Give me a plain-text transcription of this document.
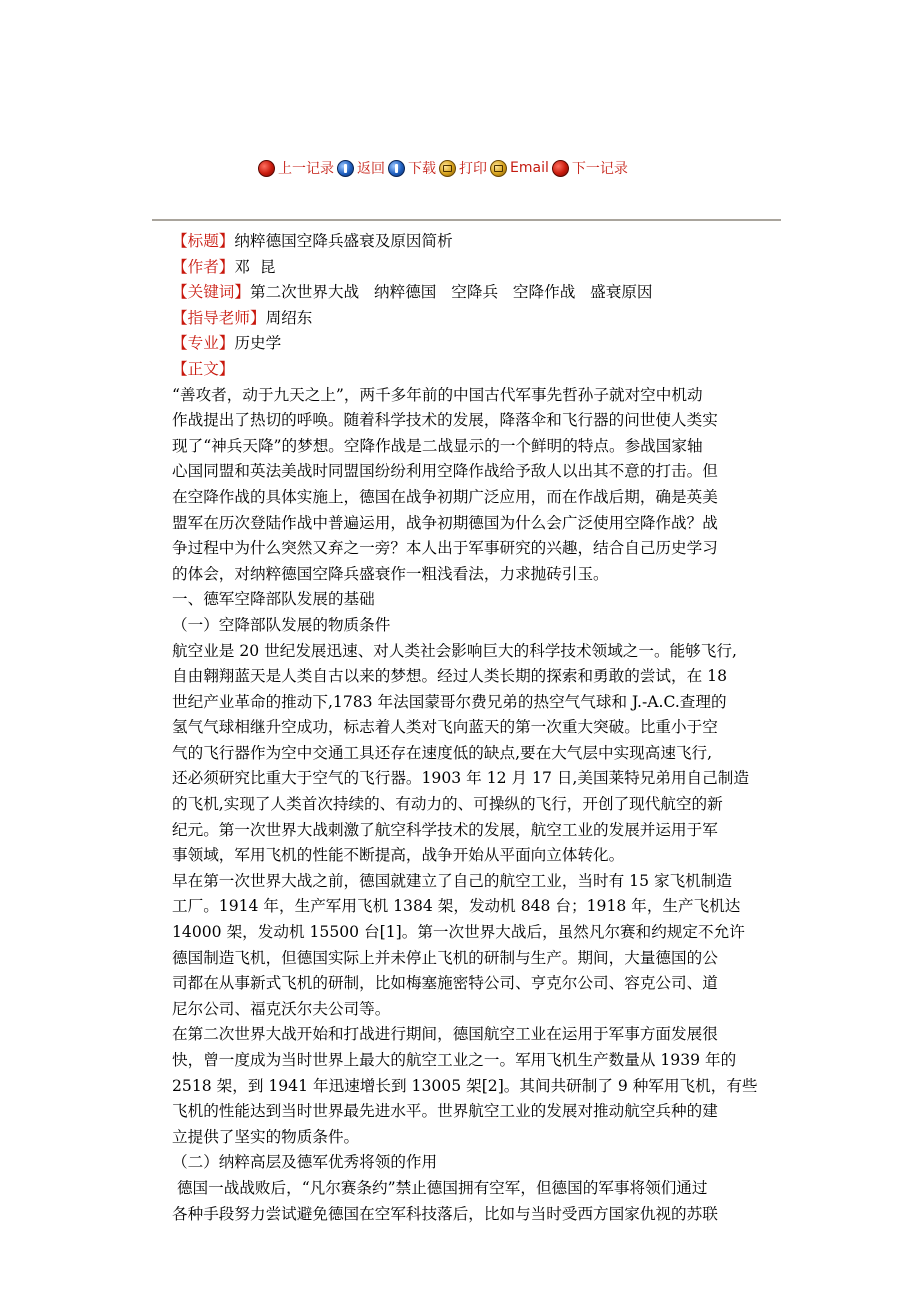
上一记录 返回 下载 打印 Email 下一记录
【标题】纳粹德国空降兵盛衰及原因简析
【作者】邓  昆
【关键词】第二次世界大战   纳粹德国   空降兵   空降作战   盛衰原因
【指导老师】周绍东
【专业】历史学
【正文】
“善攻者，动于九天之上”，两千多年前的中国古代军事先哲孙子就对空中机动
作战提出了热切的呼唤。随着科学技术的发展，降落伞和飞行器的问世使人类实
现了“神兵天降”的梦想。空降作战是二战显示的一个鲜明的特点。参战国家轴
心国同盟和英法美战时同盟国纷纷利用空降作战给予敌人以出其不意的打击。但
在空降作战的具体实施上，德国在战争初期广泛应用，而在作战后期，确是英美
盟军在历次登陆作战中普遍运用，战争初期德国为什么会广泛使用空降作战？战
争过程中为什么突然又弃之一旁？本人出于军事研究的兴趣，结合自己历史学习
的体会，对纳粹德国空降兵盛衰作一粗浅看法，力求抛砖引玉。
一、德军空降部队发展的基础
（一）空降部队发展的物质条件
航空业是 20 世纪发展迅速、对人类社会影响巨大的科学技术领域之一。能够飞行,
自由翱翔蓝天是人类自古以来的梦想。经过人类长期的探索和勇敢的尝试，在 18
世纪产业革命的推动下,1783 年法国蒙哥尔费兄弟的热空气气球和 J.-A.C.查理的
氢气气球相继升空成功，标志着人类对飞向蓝天的第一次重大突破。比重小于空
气的飞行器作为空中交通工具还存在速度低的缺点,要在大气层中实现高速飞行,
还必须研究比重大于空气的飞行器。1903 年 12 月 17 日,美国莱特兄弟用自己制造
的飞机,实现了人类首次持续的、有动力的、可操纵的飞行，开创了现代航空的新
纪元。第一次世界大战刺激了航空科学技术的发展，航空工业的发展并运用于军
事领域，军用飞机的性能不断提高，战争开始从平面向立体转化。
早在第一次世界大战之前，德国就建立了自己的航空工业，当时有 15 家飞机制造
工厂。1914 年，生产军用飞机 1384 架，发动机 848 台；1918 年，生产飞机达
14000 架，发动机 15500 台[1]。第一次世界大战后，虽然凡尔赛和约规定不允许
德国制造飞机，但德国实际上并未停止飞机的研制与生产。期间，大量德国的公
司都在从事新式飞机的研制，比如梅塞施密特公司、亨克尔公司、容克公司、道
尼尔公司、福克沃尔夫公司等。
在第二次世界大战开始和打战进行期间，德国航空工业在运用于军事方面发展很
快，曾一度成为当时世界上最大的航空工业之一。军用飞机生产数量从 1939 年的
2518 架，到 1941 年迅速增长到 13005 架[2]。其间共研制了 9 种军用飞机，有些
飞机的性能达到当时世界最先进水平。世界航空工业的发展对推动航空兵种的建
立提供了坚实的物质条件。
（二）纳粹高层及德军优秀将领的作用
德国一战战败后，“凡尔赛条约”禁止德国拥有空军，但德国的军事将领们通过
各种手段努力尝试避免德国在空军科技落后，比如与当时受西方国家仇视的苏联
